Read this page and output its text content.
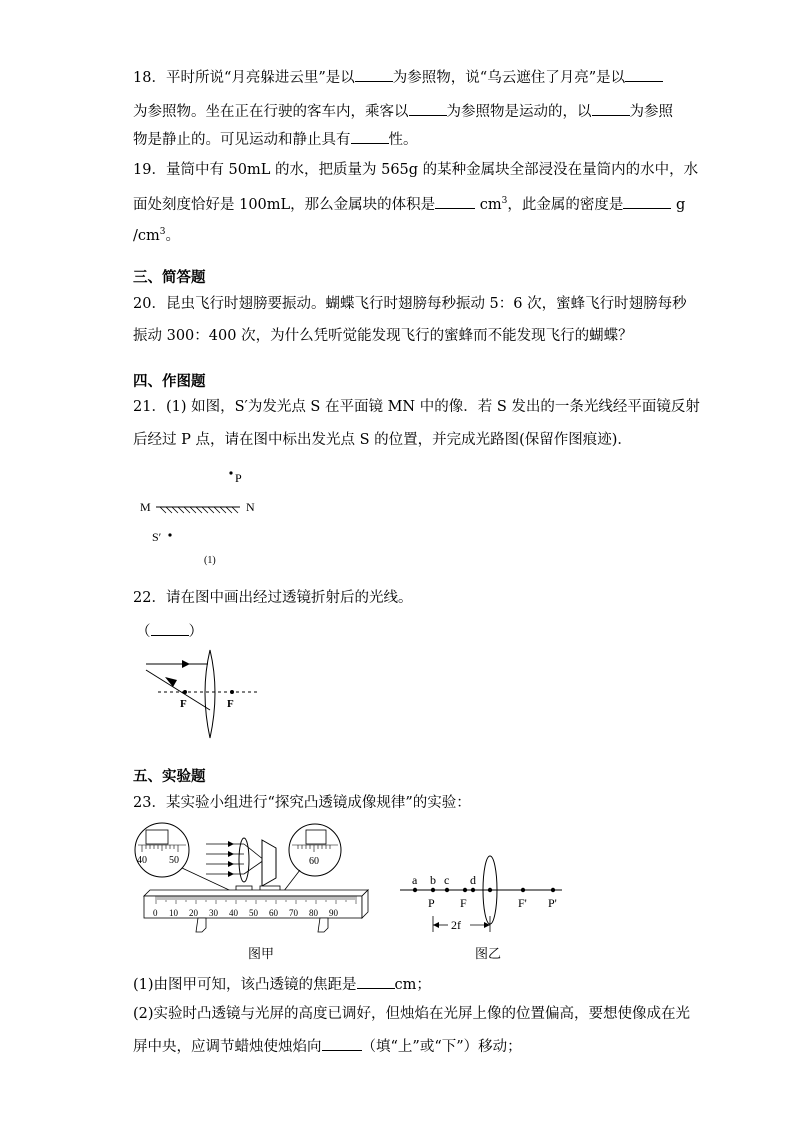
18．平时所说“月亮躲进云里”是以	为参照物，说“乌云遮住了月亮”是以
为参照物。坐在正在行驶的客车内，乘客以	为参照物是运动的，以	为参照
物是静止的。可见运动和静止具有	性。
19．量筒中有 50mL 的水，把质量为 565g 的某种金属块全部浸没在量筒内的水中，水
面处刻度恰好是 100mL，那么金属块的体积是	$cm^3$，此金属的密度是	g
$/cm^3$。
三、简答题
20．昆虫飞行时翅膀要振动。蝴蝶飞行时翅膀每秒振动 5：6 次，蜜蜂飞行时翅膀每秒
振动 300：400 次，为什么凭听觉能发现飞行的蜜蜂而不能发现飞行的蝴蝶？
四、作图题
21．(1) 如图，S′为发光点 S 在平面镜 MN 中的像．若 S 发出的一条光线经平面镜反射
后经过 P 点，请在图中标出发光点 S 的位置，并完成光路图(保留作图痕迹)．
P
M	N
S′
(1)
22．请在图中画出经过透镜折射后的光线。
（	）
F	F
五、实验题
23．某实验小组进行“探究凸透镜成像规律”的实验：
40 50	60
0 10 20 30 40 50 60 70 80 90
图甲
a b c d
P F	F' P'
2f
图乙
(1)由图甲可知，该凸透镜的焦距是	cm；
(2)实验时凸透镜与光屏的高度已调好，但烛焰在光屏上像的位置偏高，要想使像成在光
屏中央，应调节蜡烛使烛焰向	（填“上”或“下”）移动；
